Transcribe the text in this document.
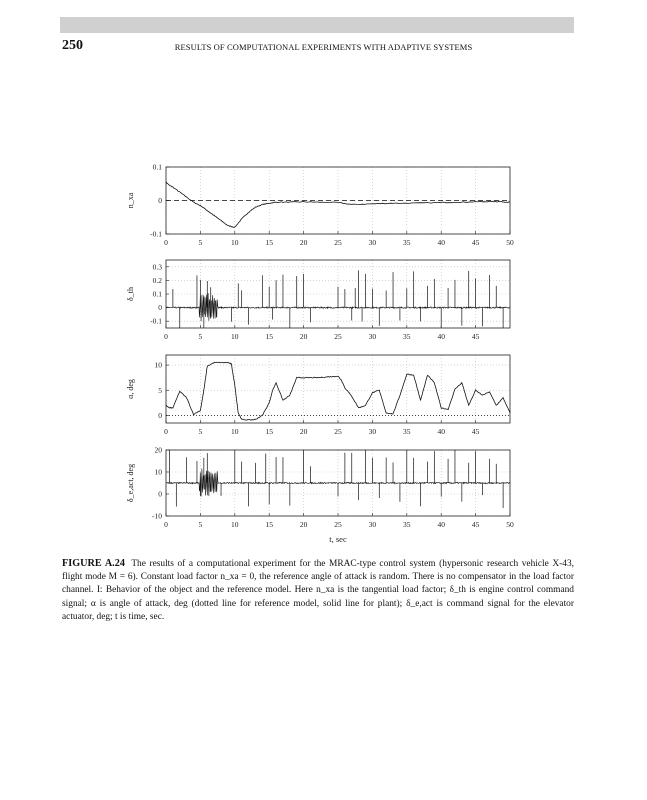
250	RESULTS OF COMPUTATIONAL EXPERIMENTS WITH ADAPTIVE SYSTEMS
0	5	10	15	20	25	30	35	40	45	50
0.1
0
-0.1
n_xa
0	5	10	15	20	25	30	35	40	45
0.3
0.2
0.1
0
-0.1
δ_th
0	5	10	15	20	25	30	35	40	45
10
5
0
α, deg
0	5	10	15	20	25	30	35	40	45	50
20
10
0
-10
δ_e,act, deg
t, sec
FIGURE A.24 The results of a computational experiment for the MRAC-type control system (hypersonic research vehicle X-43, flight mode M = 6). Constant load factor n_xa = 0, the reference angle of attack is random. There is no compensator in the load factor channel. I: Behavior of the object and the reference model. Here n_xa is the tangential load factor; δ_th is engine control command signal; α is angle of attack, deg (dotted line for reference model, solid line for plant); δ_e,act is command signal for the elevator actuator, deg; t is time, sec.
